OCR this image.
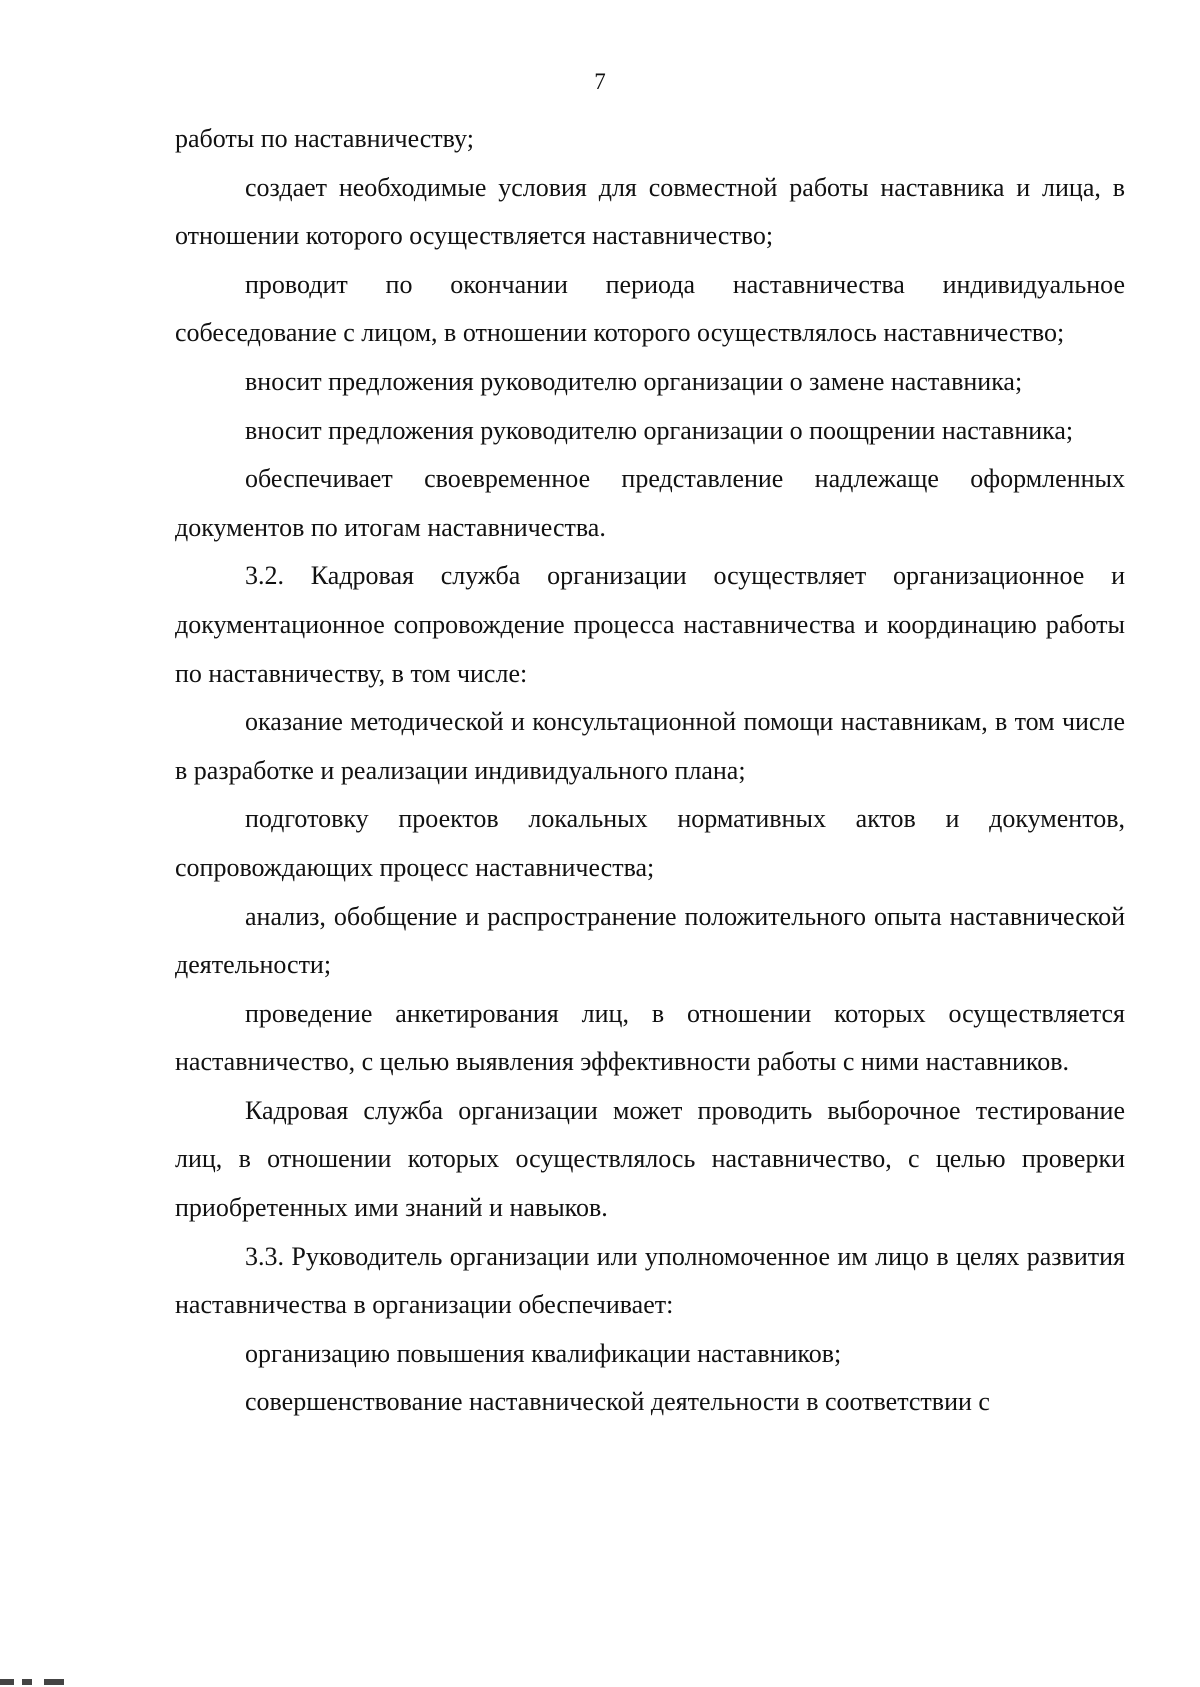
7

работы по наставничеству;

создает необходимые условия для совместной работы наставника и лица, в отношении которого осуществляется наставничество;

проводит по окончании периода наставничества индивидуальное собеседование с лицом, в отношении которого осуществлялось наставничество;

вносит предложения руководителю организации о замене наставника;

вносит предложения руководителю организации о поощрении наставника;

обеспечивает своевременное представление надлежаще оформленных документов по итогам наставничества.

3.2. Кадровая служба организации осуществляет организационное и документационное сопровождение процесса наставничества и координацию работы по наставничеству, в том числе:

оказание методической и консультационной помощи наставникам, в том числе в разработке и реализации индивидуального плана;

подготовку проектов локальных нормативных актов и документов, сопровождающих процесс наставничества;

анализ, обобщение и распространение положительного опыта наставнической деятельности;

проведение анкетирования лиц, в отношении которых осуществляется наставничество, с целью выявления эффективности работы с ними наставников.

Кадровая служба организации может проводить выборочное тестирование лиц, в отношении которых осуществлялось наставничество, с целью проверки приобретенных ими знаний и навыков.

3.3. Руководитель организации или уполномоченное им лицо в целях развития наставничества в организации обеспечивает:

организацию повышения квалификации наставников;

совершенствование наставнической деятельности в соответствии с
